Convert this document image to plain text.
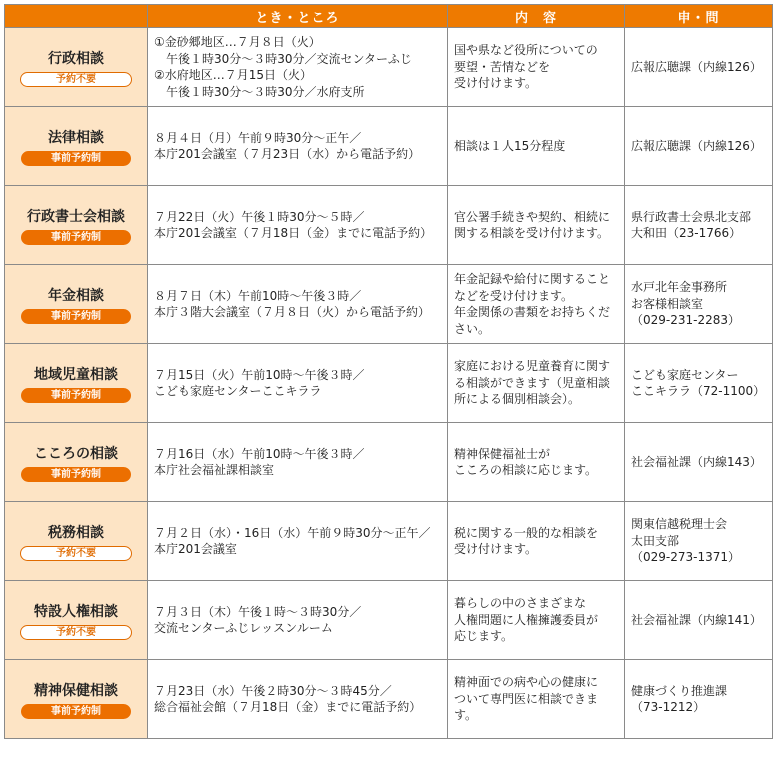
	とき・ところ	内　容	申・問

行政相談
予約不要	①金砂郷地区…７月８日（火）
　午後１時30分～３時30分／交流センターふじ
②水府地区…７月15日（火）
　午後１時30分～３時30分／水府支所	国や県など役所についての
要望・苦情などを
受け付けます。	広報広聴課（内線126）

法律相談
事前予約制	８月４日（月）午前９時30分～正午／
本庁201会議室（７月23日（水）から電話予約）	相談は１人15分程度	広報広聴課（内線126）

行政書士会相談
事前予約制	７月22日（火）午後１時30分～５時／
本庁201会議室（７月18日（金）までに電話予約）	官公署手続きや契約、相続に
関する相談を受け付けます。	県行政書士会県北支部
大和田（23-1766）

年金相談
事前予約制	８月７日（木）午前10時～午後３時／
本庁３階大会議室（７月８日（火）から電話予約）	年金記録や給付に関すること
などを受け付けます。
年金関係の書類をお持ちくだ
さい。	水戸北年金事務所
お客様相談室
（029-231-2283）

地域児童相談
事前予約制	７月15日（火）午前10時～午後３時／
こども家庭センターここキララ	家庭における児童養育に関す
る相談ができます（児童相談
所による個別相談会）。	こども家庭センター
ここキララ（72-1100）

こころの相談
事前予約制	７月16日（水）午前10時～午後３時／
本庁社会福祉課相談室	精神保健福祉士が
こころの相談に応じます。	社会福祉課（内線143）

税務相談
予約不要	７月２日（水）・16日（水）午前９時30分～正午／
本庁201会議室	税に関する一般的な相談を
受け付けます。	関東信越税理士会
太田支部
（029-273-1371）

特設人権相談
予約不要	７月３日（木）午後１時～３時30分／
交流センターふじレッスンルーム	暮らしの中のさまざまな
人権問題に人権擁護委員が
応じます。	社会福祉課（内線141）

精神保健相談
事前予約制	７月23日（水）午後２時30分～３時45分／
総合福祉会館（７月18日（金）までに電話予約）	精神面での病や心の健康に
ついて専門医に相談できます。	健康づくり推進課
（73-1212）
